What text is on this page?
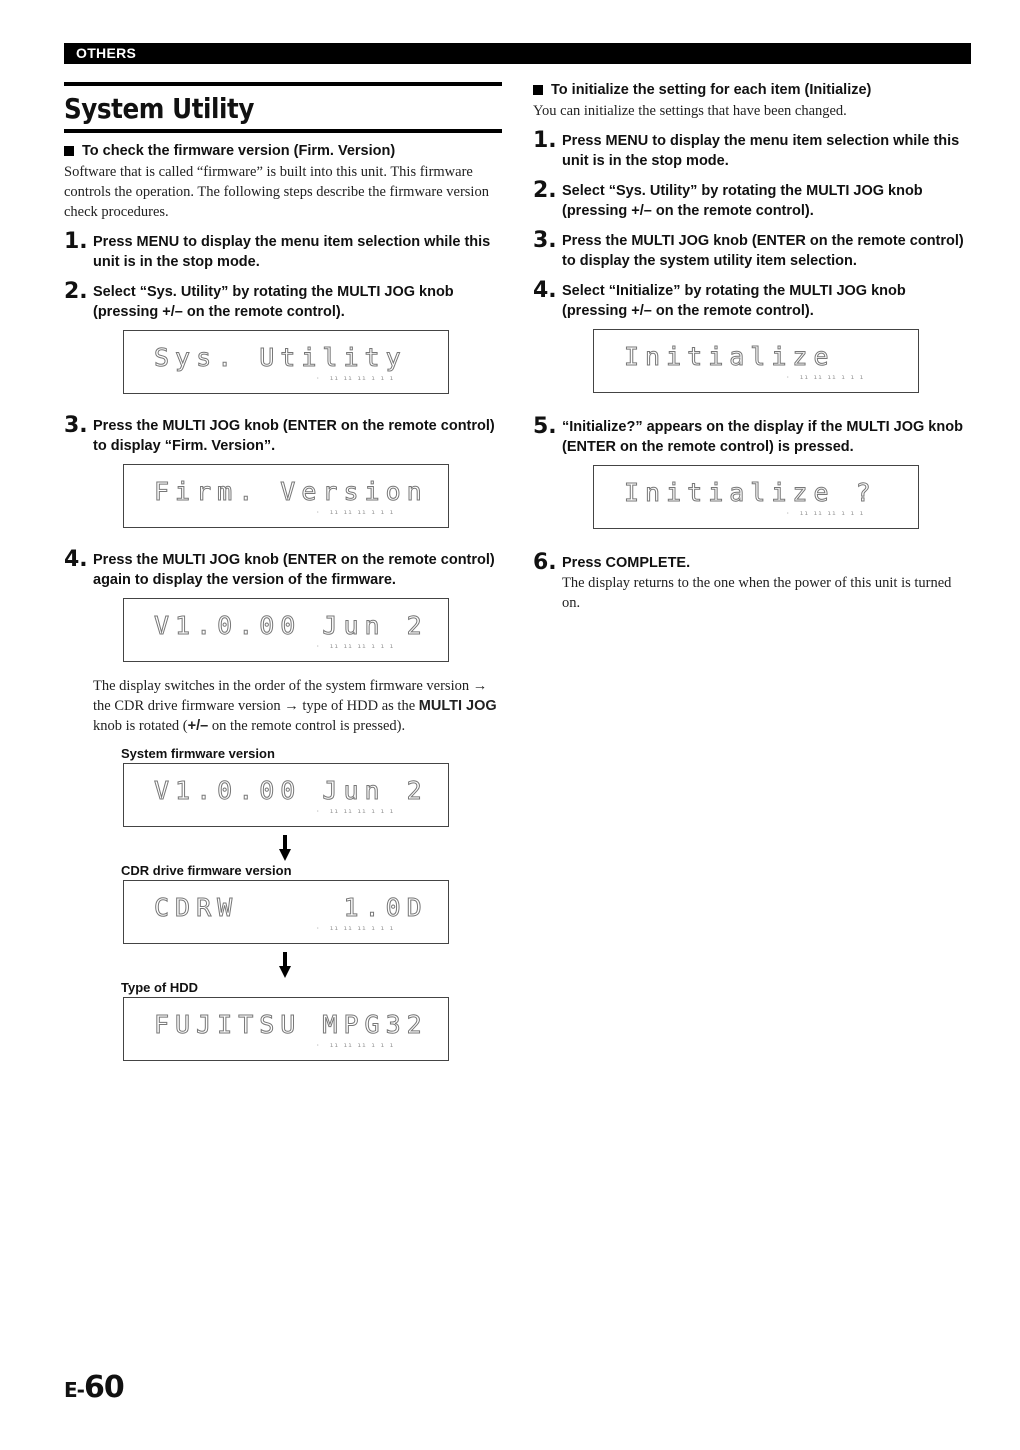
OTHERS
System Utility
To check the firmware version (Firm. Version)
Software that is called “firmware” is built into this unit. This firmware controls the operation. The following steps describe the firmware version check procedures.
1. Press MENU to display the menu item selection while this unit is in the stop mode.
2. Select “Sys. Utility” by rotating the MULTI JOG knob (pressing +/– on the remote control).
Sys. Utility
·  ıı ıı ıı ı ı ı
3. Press the MULTI JOG knob (ENTER on the remote control) to display “Firm. Version”.
Firm. Version
·  ıı ıı ıı ı ı ı
4. Press the MULTI JOG knob (ENTER on the remote control) again to display the version of the firmware.
V1.0.00 Jun 2
·  ıı ıı ıı ı ı ı
The display switches in the order of the system firmware version → the CDR drive firmware version → type of HDD as the MULTI JOG knob is rotated (+/– on the remote control is pressed).
System firmware version
V1.0.00 Jun 2
·  ıı ıı ıı ı ı ı
CDR drive firmware version
CDRW     1.0D
·  ıı ıı ıı ı ı ı
Type of HDD
FUJITSU MPG32
·  ıı ıı ıı ı ı ı
To initialize the setting for each item (Initialize)
You can initialize the settings that have been changed.
1. Press MENU to display the menu item selection while this unit is in the stop mode.
2. Select “Sys. Utility” by rotating the MULTI JOG knob (pressing +/– on the remote control).
3. Press the MULTI JOG knob (ENTER on the remote control) to display the system utility item selection.
4. Select “Initialize” by rotating the MULTI JOG knob (pressing +/– on the remote control).
Initialize
·  ıı ıı ıı ı ı ı
5. “Initialize?” appears on the display if the MULTI JOG knob (ENTER on the remote control) is pressed.
Initialize ?
·  ıı ıı ıı ı ı ı
6. Press COMPLETE.
The display returns to the one when the power of this unit is turned on.
E-60
